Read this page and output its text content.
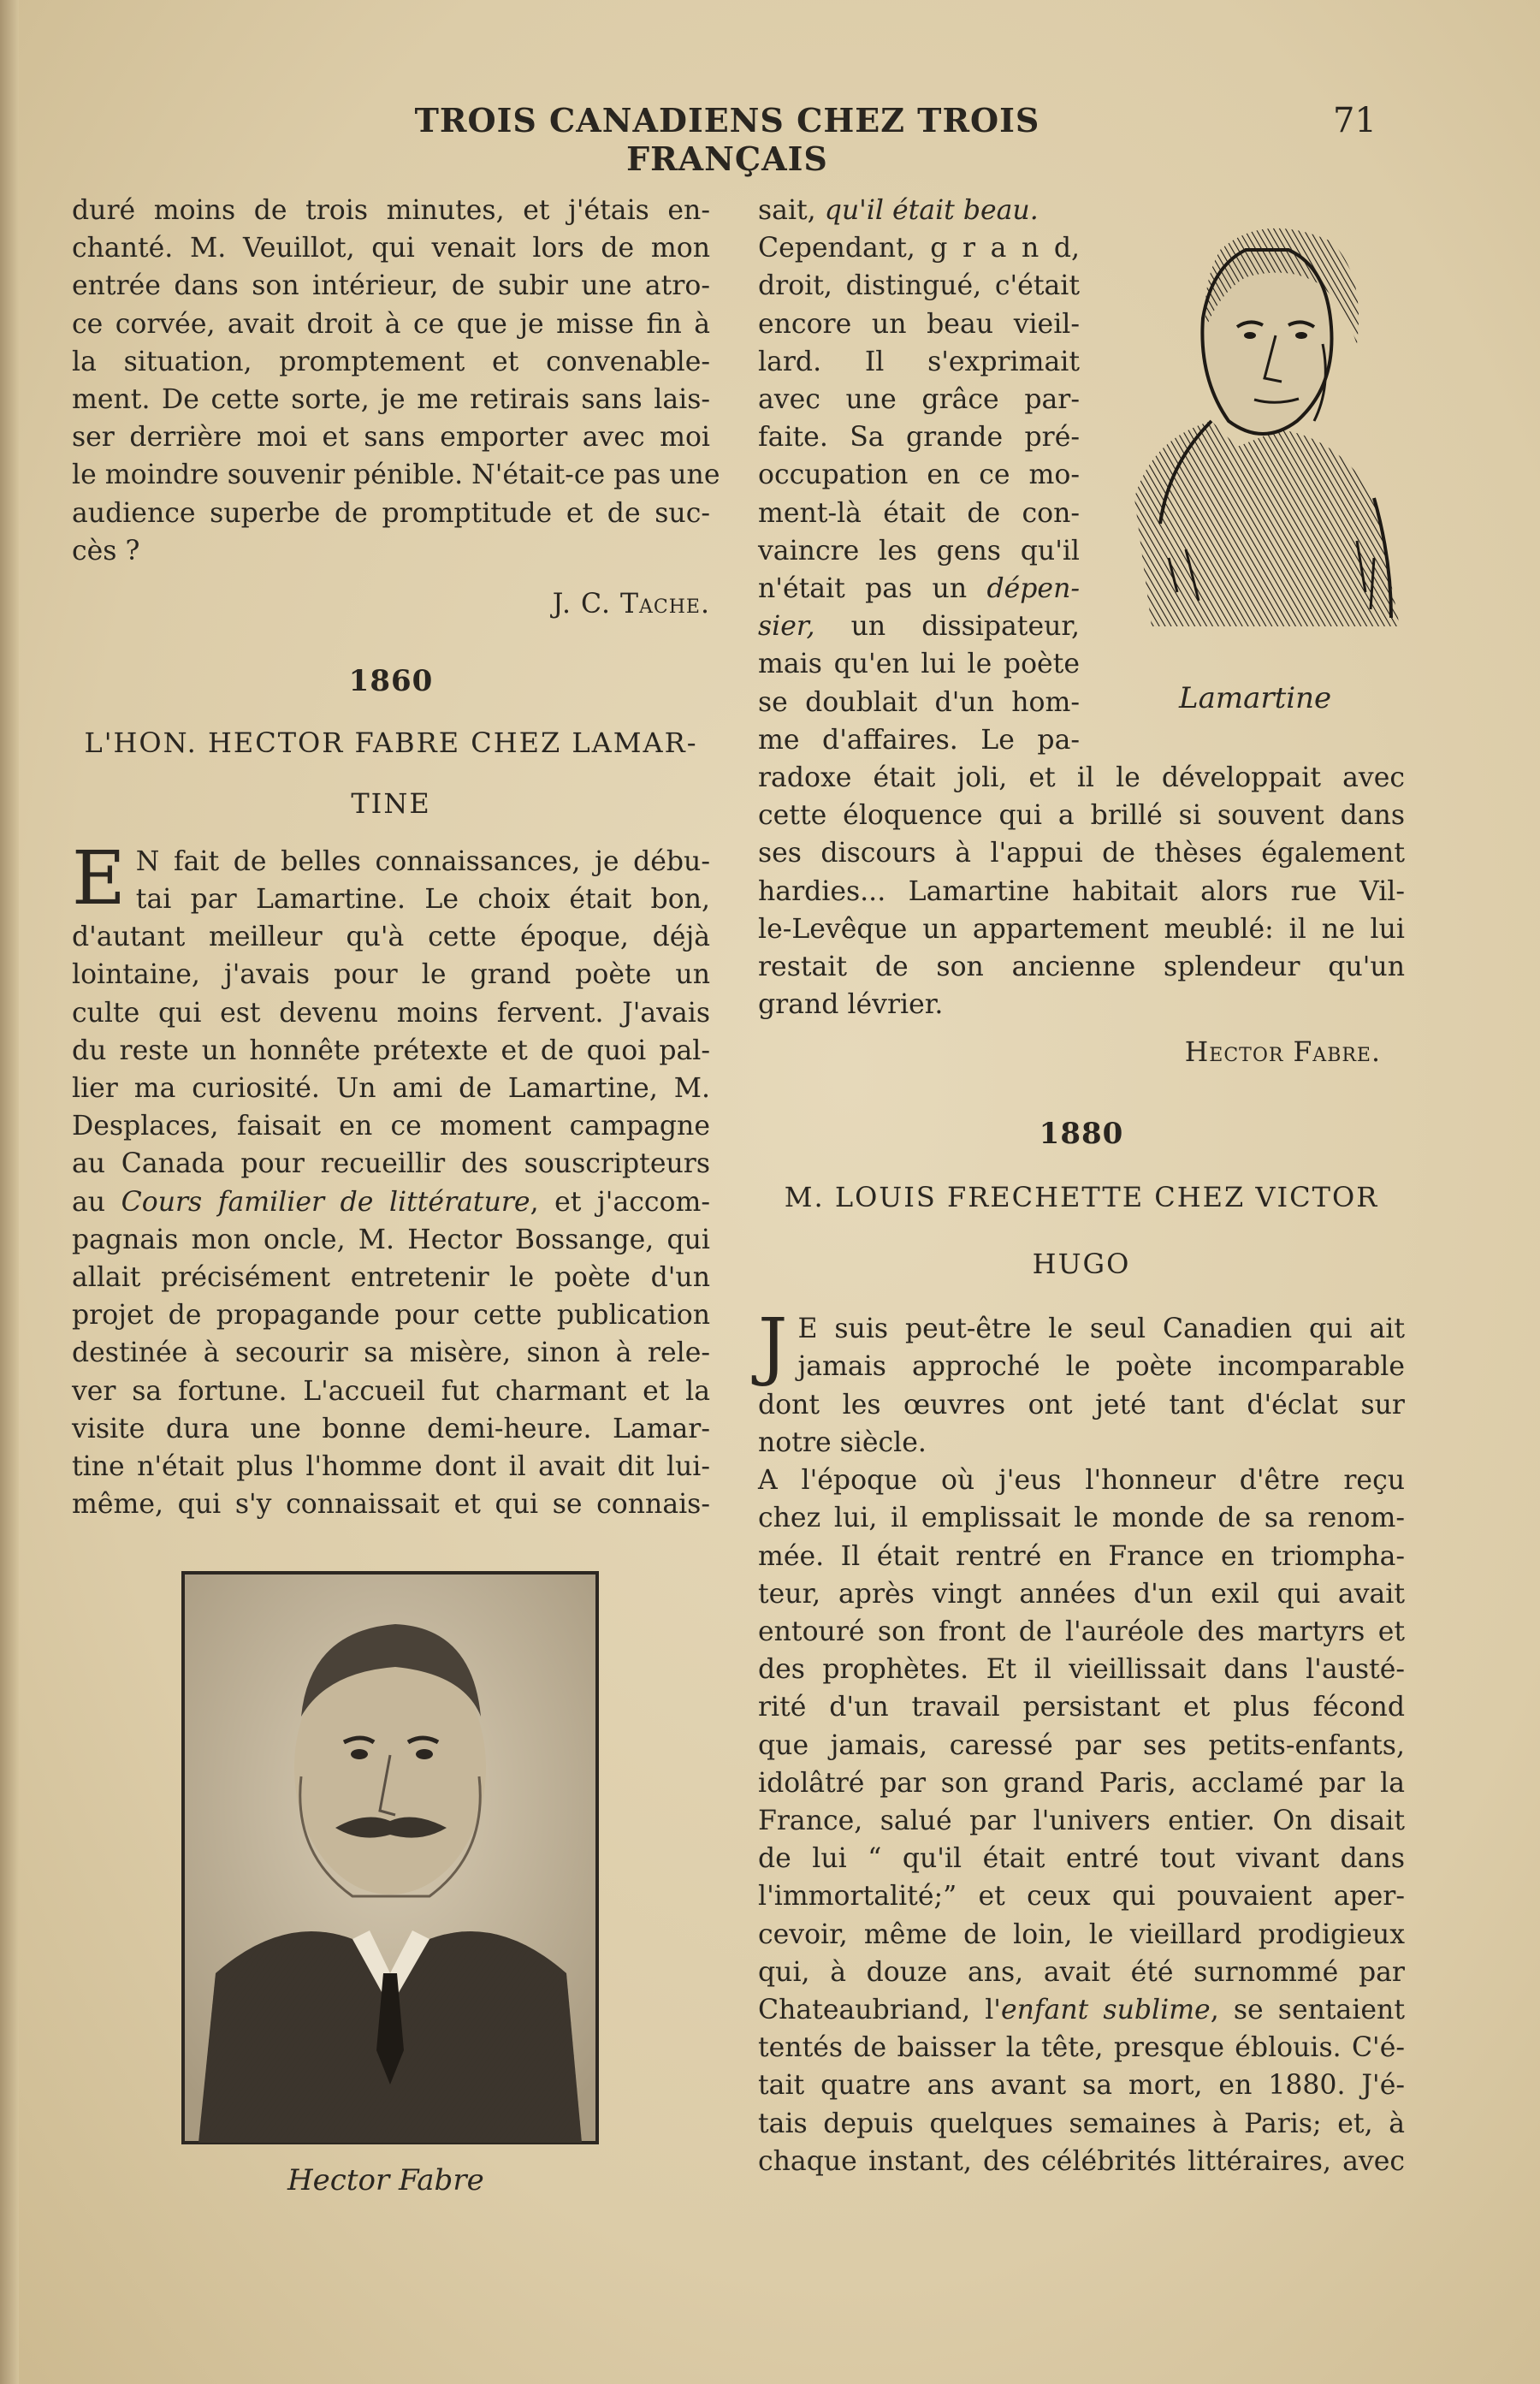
TROIS CANADIENS CHEZ TROIS FRANÇAIS
71
duré moins de trois minutes, et j'étais en-
chanté. M. Veuillot, qui venait lors de mon
entrée dans son intérieur, de subir une atro-
ce corvée, avait droit à ce que je misse fin à
la situation, promptement et convenable-
ment. De cette sorte, je me retirais sans lais-
ser derrière moi et sans emporter avec moi
le moindre souvenir pénible. N'était-ce pas une
audience superbe de promptitude et de suc-
cès ?

J. C. Tache.

1860

L'HON. HECTOR FABRE CHEZ LAMAR-
TINE

E N fait de belles connaissances, je débu-
tai par Lamartine. Le choix était bon,
d'autant meilleur qu'à cette époque, déjà
lointaine, j'avais pour le grand poète un
culte qui est devenu moins fervent. J'avais
du reste un honnête prétexte et de quoi pal-
lier ma curiosité. Un ami de Lamartine, M.
Desplaces, faisait en ce moment campagne
au Canada pour recueillir des souscripteurs
au Cours familier de littérature, et j'accom-
pagnais mon oncle, M. Hector Bossange, qui
allait précisément entretenir le poète d'un
projet de propagande pour cette publication
destinée à secourir sa misère, sinon à rele-
ver sa fortune. L'accueil fut charmant et la
visite dura une bonne demi-heure. Lamar-
tine n'était plus l'homme dont il avait dit lui-
même, qui s'y connaissait et qui se connais-
Hector Fabre
sait, qu'il était beau.
Cependant, g r a n d,
droit, distingué, c'était
encore un beau vieil-
lard. Il s'exprimait
avec une grâce par-
faite. Sa grande pré-
occupation en ce mo-
ment-là était de con-
vaincre les gens qu'il
n'était pas un dépen-
sier, un dissipateur,
mais qu'en lui le poète
se doublait d'un hom-
me d'affaires. Le pa-
radoxe était joli, et il le développait avec
cette éloquence qui a brillé si souvent dans
ses discours à l'appui de thèses également
hardies... Lamartine habitait alors rue Vil-
le-Levêque un appartement meublé: il ne lui
restait de son ancienne splendeur qu'un
grand lévrier.

Hector Fabre.

1880

M. LOUIS FRECHETTE CHEZ VICTOR
HUGO

J E suis peut-être le seul Canadien qui ait
jamais approché le poète incomparable
dont les œuvres ont jeté tant d'éclat sur
notre siècle.
A l'époque où j'eus l'honneur d'être reçu
chez lui, il emplissait le monde de sa renom-
mée. Il était rentré en France en triompha-
teur, après vingt années d'un exil qui avait
entouré son front de l'auréole des martyrs et
des prophètes. Et il vieillissait dans l'austé-
rité d'un travail persistant et plus fécond
que jamais, caressé par ses petits-enfants,
idolâtré par son grand Paris, acclamé par la
France, salué par l'univers entier. On disait
de lui “ qu'il était entré tout vivant dans
l'immortalité;” et ceux qui pouvaient aper-
cevoir, même de loin, le vieillard prodigieux
qui, à douze ans, avait été surnommé par
Chateaubriand, l'enfant sublime, se sentaient
tentés de baisser la tête, presque éblouis. C'é-
tait quatre ans avant sa mort, en 1880. J'é-
tais depuis quelques semaines à Paris; et, à
chaque instant, des célébrités littéraires, avec
Lamartine
